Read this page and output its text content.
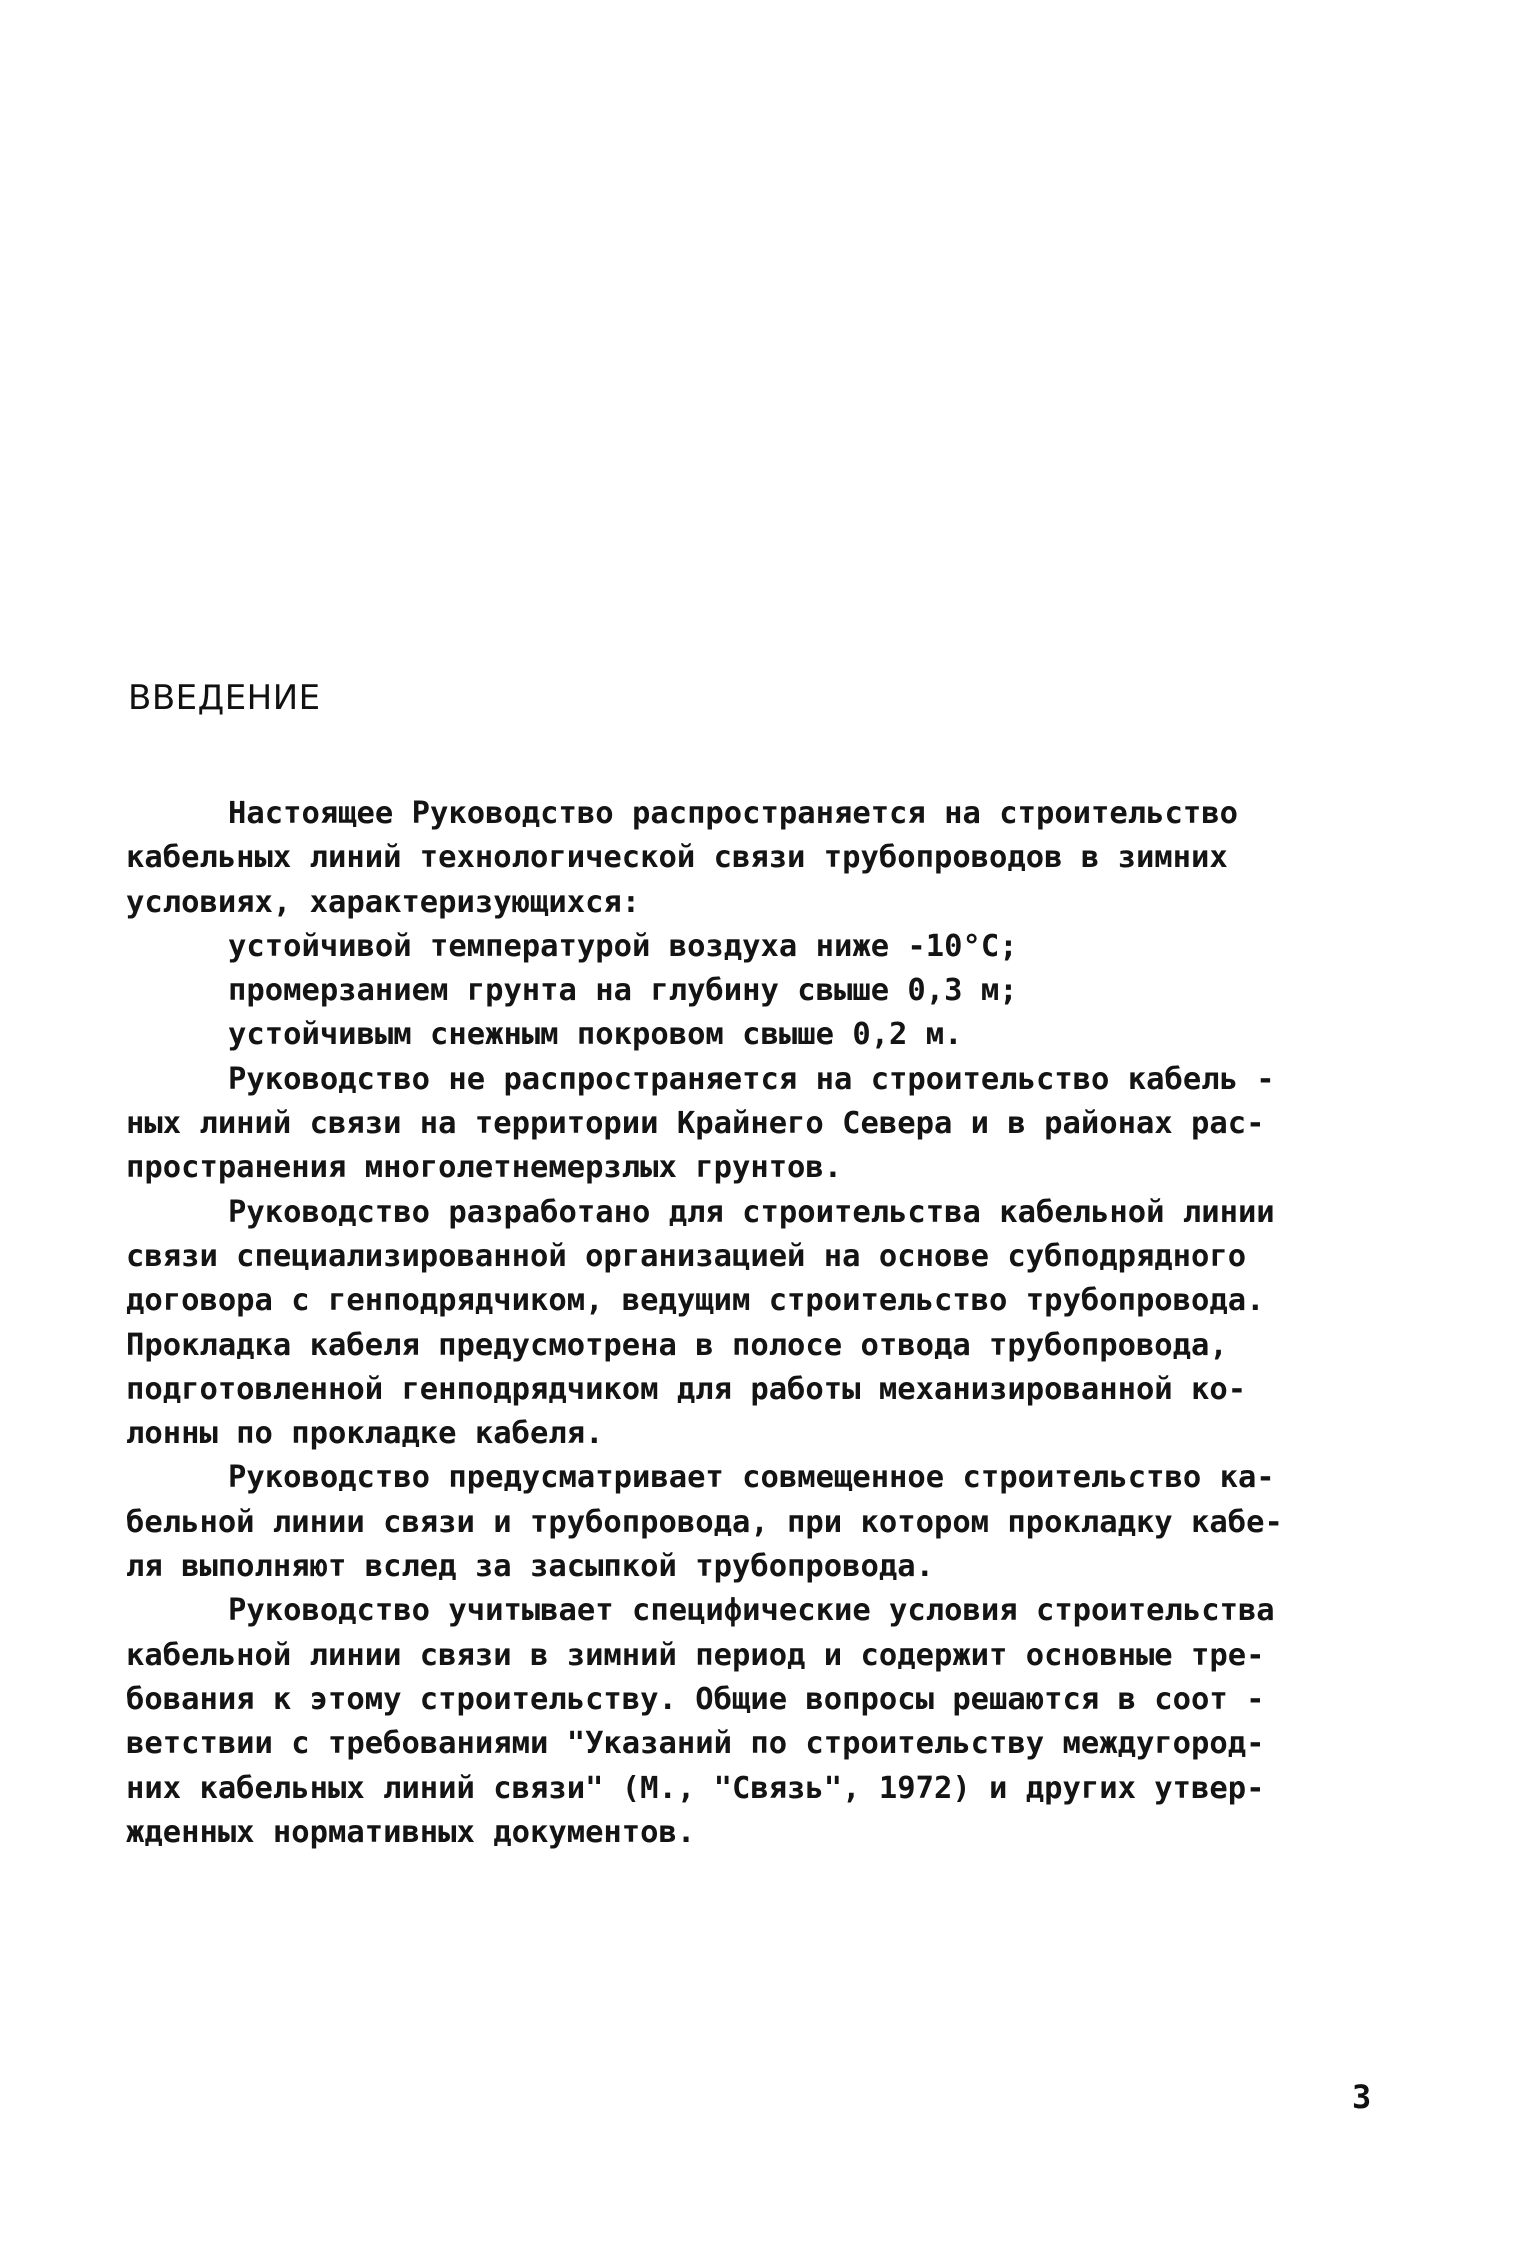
ВВЕДЕНИЕ
Настоящее Руководство распространяется на строительство
кабельных линий технологической связи трубопроводов в зимних
условиях, характеризующихся:
устойчивой температурой воздуха ниже -10°С;
промерзанием грунта на глубину свыше 0,3 м;
устойчивым снежным покровом свыше 0,2 м.
Руководство не распространяется на строительство кабель -
ных линий связи на территории Крайнего Севера и в районах рас-
пространения многолетнемерзлых грунтов.
Руководство разработано для строительства кабельной линии
связи специализированной организацией на основе субподрядного
договора с генподрядчиком, ведущим строительство трубопровода.
Прокладка кабеля предусмотрена в полосе отвода трубопровода,
подготовленной генподрядчиком для работы механизированной ко-
лонны по прокладке кабеля.
Руководство предусматривает совмещенное строительство ка-
бельной линии связи и трубопровода, при котором прокладку кабе-
ля выполняют вслед за засыпкой трубопровода.
Руководство учитывает специфические условия строительства
кабельной линии связи в зимний период и содержит основные тре-
бования к этому строительству. Общие вопросы решаются в соот -
ветствии с требованиями "Указаний по строительству междугород-
них кабельных линий связи" (М., "Связь", 1972) и других утвер-
жденных нормативных документов.
3
